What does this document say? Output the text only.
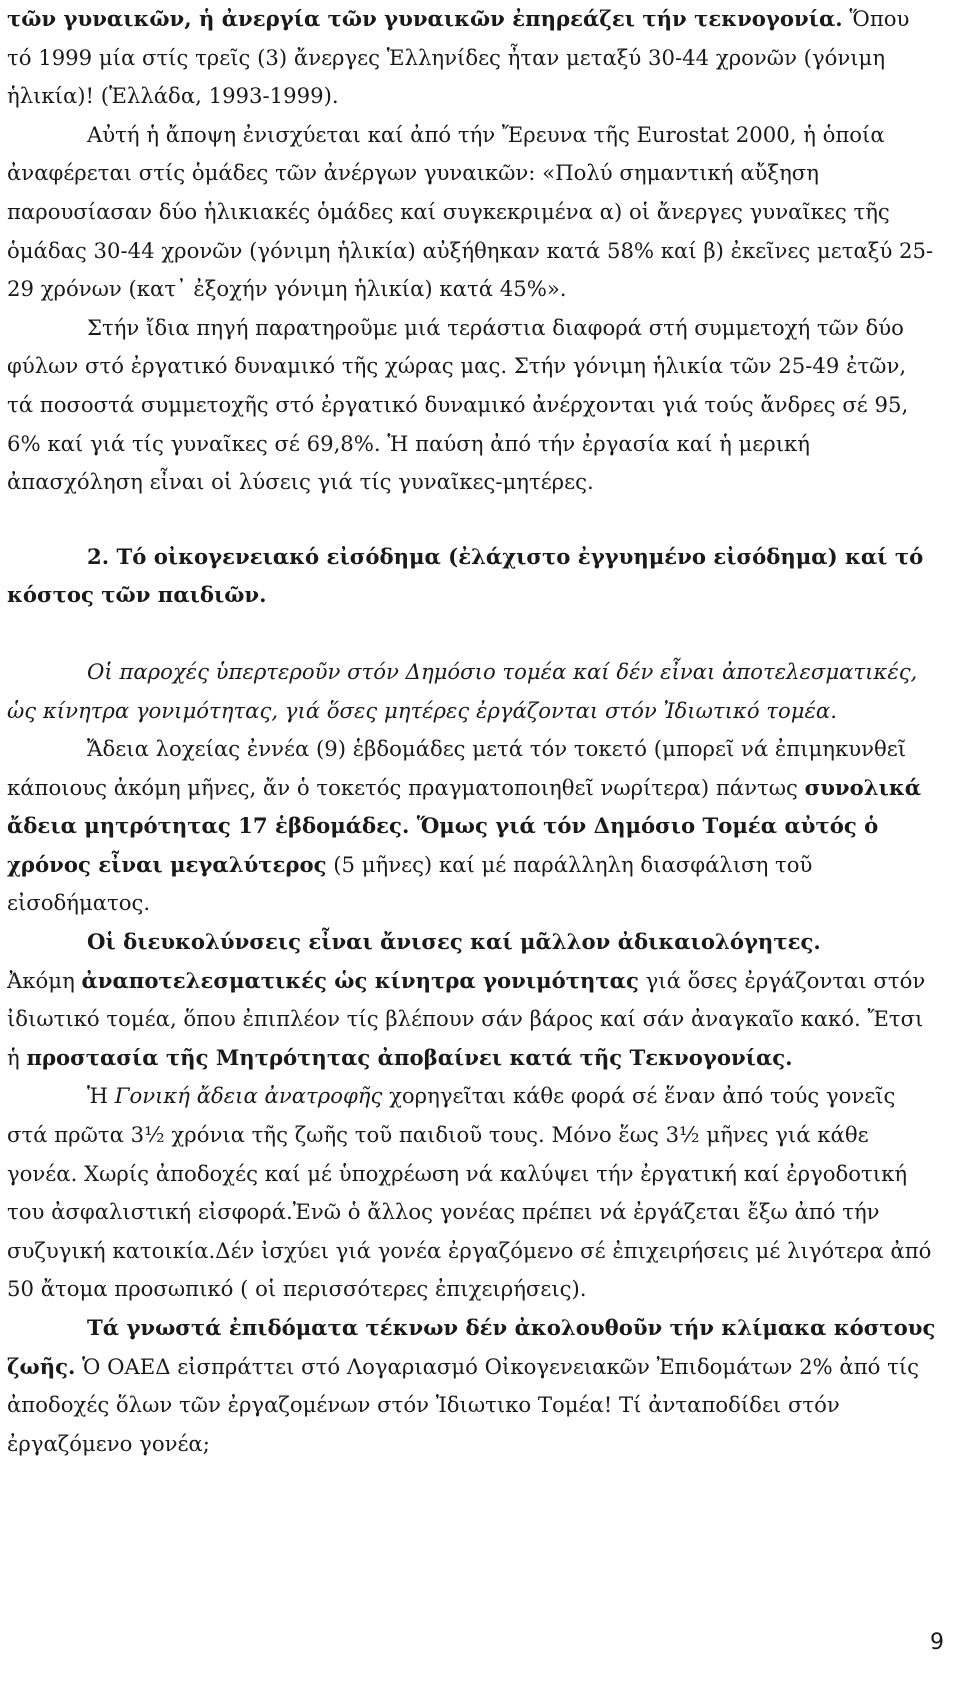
τῶν γυναικῶν, ἡ ἀνεργία τῶν γυναικῶν ἐπηρεάζει τήν τεκνογονία. Ὅπου τό 1999 μία στίς τρεῖς (3) ἄνεργες Ἑλληνίδες ἦταν μεταξύ 30-44 χρονῶν (γόνιμη ἡλικία)! (Ἑλλάδα, 1993-1999).

Αὐτή ἡ ἄποψη ἐνισχύεται καί ἀπό τήν Ἔρευνα τῆς Eurostat 2000, ἡ ὁποία ἀναφέρεται στίς ὁμάδες τῶν ἀνέργων γυναικῶν: «Πολύ σημαντική αὔξηση παρουσίασαν δύο ἡλικιακές ὁμάδες καί συγκεκριμένα α) οἱ ἄνεργες γυναῖκες τῆς ὁμάδας 30-44 χρονῶν (γόνιμη ἡλικία) αὐξήθηκαν κατά 58% καί β) ἐκεῖνες μεταξύ 25-29 χρόνων (κατ᾿ ἐξοχήν γόνιμη ἡλικία) κατά 45%».

Στήν ἴδια πηγή παρατηροῦμε μιά τεράστια διαφορά στή συμμετοχή τῶν δύο φύλων στό ἐργατικό δυναμικό τῆς χώρας μας. Στήν γόνιμη ἡλικία τῶν 25-49 ἐτῶν, τά ποσοστά συμμετοχῆς στό ἐργατικό δυναμικό ἀνέρχονται γιά τούς ἄνδρες σέ 95, 6% καί γιά τίς γυναῖκες σέ 69,8%. Ἡ παύση ἀπό τήν ἐργασία καί ἡ μερική ἀπασχόληση εἶναι οἱ λύσεις γιά τίς γυναῖκες-μητέρες.

2. Τό οἰκογενειακό εἰσόδημα (ἐλάχιστο ἐγγυημένο εἰσόδημα) καί τό κόστος τῶν παιδιῶν.

Οἱ παροχές ὑπερτεροῦν στόν Δημόσιο τομέα καί δέν εἶναι ἀποτελεσματικές, ὡς κίνητρα γονιμότητας, γιά ὅσες μητέρες ἐργάζονται στόν Ἰδιωτικό τομέα.

Ἄδεια λοχείας ἐννέα (9) ἑβδομάδες μετά τόν τοκετό (μπορεῖ νά ἐπιμηκυνθεῖ κάποιους ἀκόμη μῆνες, ἄν ὁ τοκετός πραγματοποιηθεῖ νωρίτερα) πάντως συνολικά ἄδεια μητρότητας 17 ἑβδομάδες. Ὅμως γιά τόν Δημόσιο Τομέα αὐτός ὁ χρόνος εἶναι μεγαλύτερος (5 μῆνες) καί μέ παράλληλη διασφάλιση τοῦ εἰσοδήματος.

Οἱ διευκολύνσεις εἶναι ἄνισες καί μᾶλλον ἀδικαιολόγητες.

Ἀκόμη ἀναποτελεσματικές ὡς κίνητρα γονιμότητας γιά ὅσες ἐργάζονται στόν ἰδιωτικό τομέα, ὅπου ἐπιπλέον τίς βλέπουν σάν βάρος καί σάν ἀναγκαῖο κακό. Ἔτσι ἡ προστασία τῆς Μητρότητας ἀποβαίνει κατά τῆς Τεκνογονίας.

Ἡ Γονική ἄδεια ἀνατροφῆς χορηγεῖται κάθε φορά σέ ἕναν ἀπό τούς γονεῖς στά πρῶτα 3½ χρόνια τῆς ζωῆς τοῦ παιδιοῦ τους. Μόνο ἕως 3½ μῆνες γιά κάθε γονέα. Χωρίς ἀποδοχές καί μέ ὑποχρέωση νά καλύψει τήν ἐργατική καί ἐργοδοτική του ἀσφαλιστική εἰσφορά.Ἐνῶ ὁ ἄλλος γονέας πρέπει νά ἐργάζεται ἔξω ἀπό τήν συζυγική κατοικία.Δέν ἰσχύει γιά γονέα ἐργαζόμενο σέ ἐπιχειρήσεις μέ λιγότερα ἀπό 50 ἄτομα προσωπικό ( οἱ περισσότερες ἐπιχειρήσεις).

Τά γνωστά ἐπιδόματα τέκνων δέν ἀκολουθοῦν τήν κλίμακα κόστους ζωῆς. Ὁ ΟΑΕΔ εἰσπράττει στό Λογαριασμό Οἰκογενειακῶν Ἐπιδομάτων 2% ἀπό τίς ἀποδοχές ὅλων τῶν ἐργαζομένων στόν Ἰδιωτικο Τομέα! Τί ἀνταποδίδει στόν ἐργαζόμενο γονέα;

9
